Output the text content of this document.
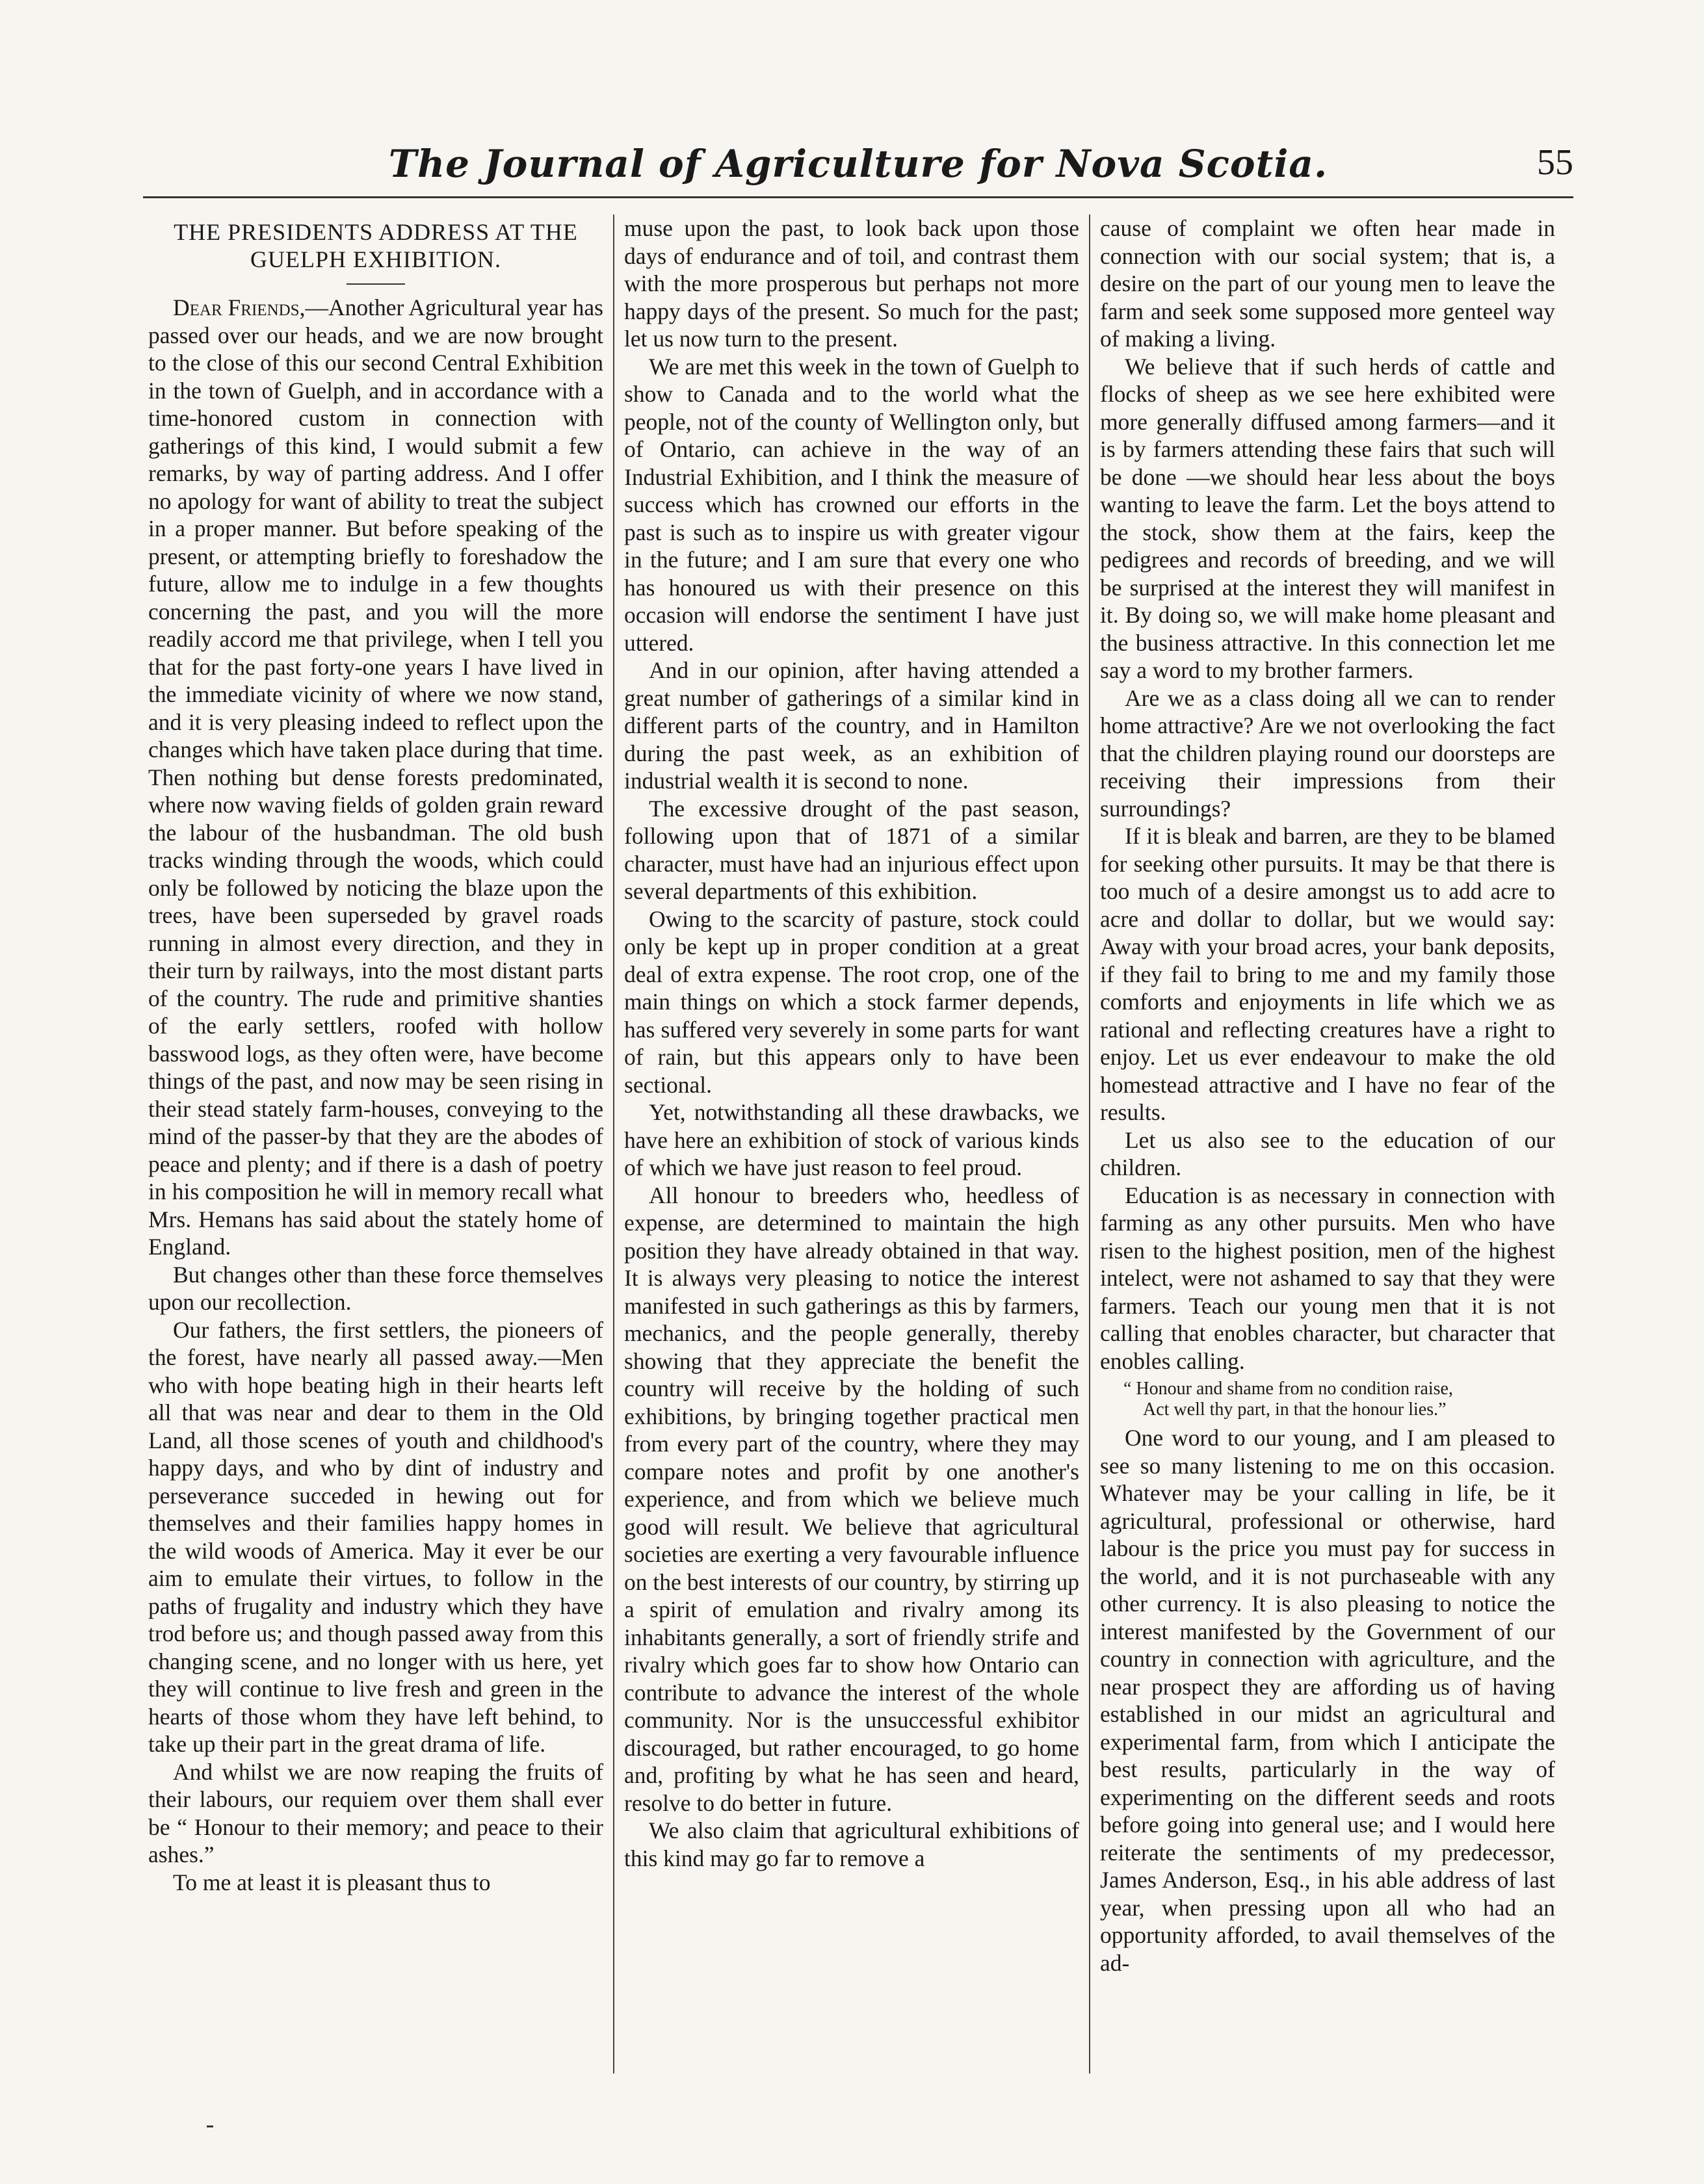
The Journal of Agriculture for Nova Scotia.	55
THE PRESIDENTS ADDRESS AT THE GUELPH EXHIBITION.

Dear Friends,—Another Agricultural year has passed over our heads, and we are now brought to the close of this our second Central Exhibition in the town of Guelph, and in accordance with a time-honored custom in connection with gatherings of this kind, I would submit a few remarks, by way of parting address. And I offer no apology for want of ability to treat the subject in a proper manner. But before speaking of the present, or attempting briefly to foreshadow the future, allow me to indulge in a few thoughts concerning the past, and you will the more readily accord me that privilege, when I tell you that for the past forty-one years I have lived in the immediate vicinity of where we now stand, and it is very pleasing indeed to reflect upon the changes which have taken place during that time. Then nothing but dense forests predominated, where now waving fields of golden grain reward the labour of the husbandman. The old bush tracks winding through the woods, which could only be followed by noticing the blaze upon the trees, have been superseded by gravel roads running in almost every direction, and they in their turn by railways, into the most distant parts of the country. The rude and primitive shanties of the early settlers, roofed with hollow basswood logs, as they often were, have become things of the past, and now may be seen rising in their stead stately farm-houses, conveying to the mind of the passer-by that they are the abodes of peace and plenty; and if there is a dash of poetry in his composition he will in memory recall what Mrs. Hemans has said about the stately home of England.

But changes other than these force themselves upon our recollection.

Our fathers, the first settlers, the pioneers of the forest, have nearly all passed away.—Men who with hope beating high in their hearts left all that was near and dear to them in the Old Land, all those scenes of youth and childhood's happy days, and who by dint of industry and perseverance succeded in hewing out for themselves and their families happy homes in the wild woods of America. May it ever be our aim to emulate their virtues, to follow in the paths of frugality and industry which they have trod before us; and though passed away from this changing scene, and no longer with us here, yet they will continue to live fresh and green in the hearts of those whom they have left behind, to take up their part in the great drama of life.

And whilst we are now reaping the fruits of their labours, our requiem over them shall ever be “ Honour to their memory; and peace to their ashes.”

To me at least it is pleasant thus to

muse upon the past, to look back upon those days of endurance and of toil, and contrast them with the more prosperous but perhaps not more happy days of the present. So much for the past; let us now turn to the present.

We are met this week in the town of Guelph to show to Canada and to the world what the people, not of the county of Wellington only, but of Ontario, can achieve in the way of an Industrial Exhibition, and I think the measure of success which has crowned our efforts in the past is such as to inspire us with greater vigour in the future; and I am sure that every one who has honoured us with their presence on this occasion will endorse the sentiment I have just uttered.

And in our opinion, after having attended a great number of gatherings of a similar kind in different parts of the country, and in Hamilton during the past week, as an exhibition of industrial wealth it is second to none.

The excessive drought of the past season, following upon that of 1871 of a similar character, must have had an injurious effect upon several departments of this exhibition.

Owing to the scarcity of pasture, stock could only be kept up in proper condition at a great deal of extra expense. The root crop, one of the main things on which a stock farmer depends, has suffered very severely in some parts for want of rain, but this appears only to have been sectional.

Yet, notwithstanding all these drawbacks, we have here an exhibition of stock of various kinds of which we have just reason to feel proud.

All honour to breeders who, heedless of expense, are determined to maintain the high position they have already obtained in that way. It is always very pleasing to notice the interest manifested in such gatherings as this by farmers, mechanics, and the people generally, thereby showing that they appreciate the benefit the country will receive by the holding of such exhibitions, by bringing together practical men from every part of the country, where they may compare notes and profit by one another's experience, and from which we believe much good will result. We believe that agricultural societies are exerting a very favourable influence on the best interests of our country, by stirring up a spirit of emulation and rivalry among its inhabitants generally, a sort of friendly strife and rivalry which goes far to show how Ontario can contribute to advance the interest of the whole community. Nor is the unsuccessful exhibitor discouraged, but rather encouraged, to go home and, profiting by what he has seen and heard, resolve to do better in future.

We also claim that agricultural exhibitions of this kind may go far to remove a

cause of complaint we often hear made in connection with our social system; that is, a desire on the part of our young men to leave the farm and seek some supposed more genteel way of making a living.

We believe that if such herds of cattle and flocks of sheep as we see here exhibited were more generally diffused among farmers—and it is by farmers attending these fairs that such will be done —we should hear less about the boys wanting to leave the farm. Let the boys attend to the stock, show them at the fairs, keep the pedigrees and records of breeding, and we will be surprised at the interest they will manifest in it. By doing so, we will make home pleasant and the business attractive. In this connection let me say a word to my brother farmers.

Are we as a class doing all we can to render home attractive? Are we not overlooking the fact that the children playing round our doorsteps are receiving their impressions from their surroundings?

If it is bleak and barren, are they to be blamed for seeking other pursuits. It may be that there is too much of a desire amongst us to add acre to acre and dollar to dollar, but we would say: Away with your broad acres, your bank deposits, if they fail to bring to me and my family those comforts and enjoyments in life which we as rational and reflecting creatures have a right to enjoy. Let us ever endeavour to make the old homestead attractive and I have no fear of the results.

Let us also see to the education of our children.

Education is as necessary in connection with farming as any other pursuits. Men who have risen to the highest position, men of the highest intelect, were not ashamed to say that they were farmers. Teach our young men that it is not calling that enobles character, but character that enobles calling.

“ Honour and shame from no condition raise,
Act well thy part, in that the honour lies.”

One word to our young, and I am pleased to see so many listening to me on this occasion. Whatever may be your calling in life, be it agricultural, professional or otherwise, hard labour is the price you must pay for success in the world, and it is not purchaseable with any other currency. It is also pleasing to notice the interest manifested by the Government of our country in connection with agriculture, and the near prospect they are affording us of having established in our midst an agricultural and experimental farm, from which I anticipate the best results, particularly in the way of experimenting on the different seeds and roots before going into general use; and I would here reiterate the sentiments of my predecessor, James Anderson, Esq., in his able address of last year, when pressing upon all who had an opportunity afforded, to avail themselves of the ad-
